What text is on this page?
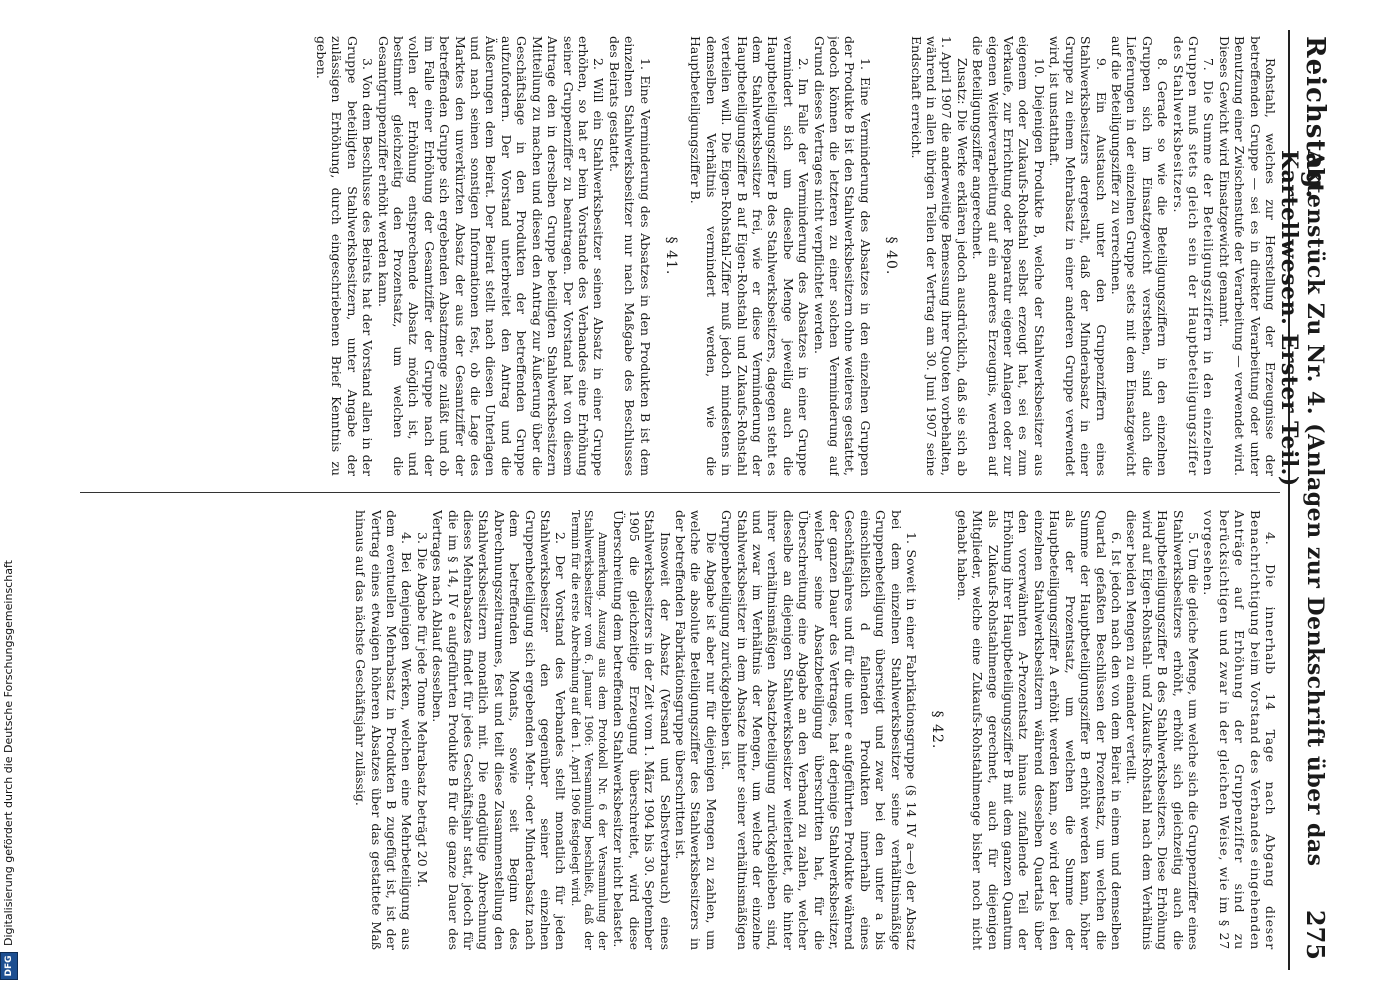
DFGDigitalisierung gefördert durch die Deutsche Forschungsgemeinschaft
Reichstag.
Aktenstück Zu Nr. 4. (Anlagen zur Denkschrift über das Kartellwesen. Erster Teil.)
275

Rohstahl, welches zur Herstellung der Erzeugnisse der betreffenden Gruppe — sei es in direkter Verarbeitung oder unter Benutzung einer Zwischenstufe der Verarbeitung — verwendet wird. Dieses Gewicht wird Einsatzgewicht genannt.

7. Die Summe der Beteiligungsziffern in den einzelnen Gruppen muß stets gleich sein der Hauptbeteiligungsziffer des Stahlwerksbesitzers.

8. Gerade so wie die Beteiligungsziffern in den einzelnen Gruppen sich im Einsatzgewicht verstehen, sind auch die Lieferungen in der einzelnen Gruppe stets mit dem Einsatzgewicht auf die Beteiligungsziffer zu verrechnen.

9. Ein Austausch unter den Gruppenziffern eines Stahlwerksbesitzers dergestalt, daß der Minderabsatz in einer Gruppe zu einem Mehrabsatz in einer anderen Gruppe verwendet wird, ist unstatthaft.

10. Diejenigen Produkte B, welche der Stahlwerksbesitzer aus eigenem oder Zukaufs-Rohstahl selbst erzeugt hat, sei es zum Verkaufe, zur Errichtung oder Reparatur eigener Anlagen oder zur eigenen Weiterverarbeitung auf ein anderes Erzeugnis, werden auf die Beteiligungsziffer angerechnet.

Zusatz: Die Werke erklären jedoch ausdrücklich, daß sie sich ab 1. April 1907 die anderweitige Bemessung ihrer Quoten vorbehalten, während in allen übrigen Teilen der Vertrag am 30. Juni 1907 seine Endschaft erreicht.

§ 40.

1. Eine Verminderung des Absatzes in den einzelnen Gruppen der Produkte B ist den Stahlwerksbesitzern ohne weiteres gestattet, jedoch können die letzteren zu einer solchen Verminderung auf Grund dieses Vertrages nicht verpflichtet werden.

2. Im Falle der Verminderung des Absatzes in einer Gruppe vermindert sich um dieselbe Menge jeweilig auch die Hauptbeteiligungsziffer B des Stahlwerksbesitzers, dagegen steht es dem Stahlwerksbesitzer frei, wie er diese Verminderung der Hauptbeteiligungsziffer B auf Eigen-Rohstahl und Zukaufs-Rohstahl verteilen will. Die Eigen-Rohstahl-Ziffer muß jedoch mindestens in demselben Verhältnis vermindert werden, wie die Hauptbeteiligungsziffer B.

§ 41.

1. Eine Verminderung des Absatzes in den Produkten B ist dem einzelnen Stahlwerksbesitzer nur nach Maßgabe des Beschlusses des Beirats gestattet.

2. Will ein Stahlwerksbesitzer seinen Absatz in einer Gruppe erhöhen, so hat er beim Vorstande des Verbandes eine Erhöhung seiner Gruppenziffer zu beantragen. Der Vorstand hat von diesem Antrage den in derselben Gruppe beteiligten Stahlwerksbesitzern Mitteilung zu machen und diesen den Antrag zur Äußerung über die Geschäftslage in den Produkten der betreffenden Gruppe aufzufordern. Der Vorstand unterbreitet den Antrag und die Äußerungen dem Beirat. Der Beirat stellt nach diesen Unterlagen und nach seinen sonstigen Informationen fest, ob die Lage des Marktes den unverkürzten Absatz der aus der Gesamtziffer der betreffenden Gruppe sich ergebenden Absatzmenge zuläßt und ob im Falle einer Erhöhung der Gesamtziffer der Gruppe nach der vollen der Erhöhung entsprechende Absatz möglich ist, und bestimmt gleichzeitig den Prozentsatz, um welchen die Gesamtgruppenziffer erhöht werden kann.

3. Von dem Beschlusse des Beirats hat der Vorstand allen in der Gruppe beteiligten Stahlwerksbesitzern, unter Angabe der zulässigen Erhöhung, durch eingeschriebenen Brief Kenntnis zu geben.

4. Die innerhalb 14 Tage nach Abgang dieser Benachrichtigung beim Vorstand des Verbandes eingehenden Anträge auf Erhöhung der Gruppenziffer sind zu berücksichtigen und zwar in der gleichen Weise, wie im § 27 vorgesehen.

5. Um die gleiche Menge, um welche sich die Gruppenziffer eines Stahlwerksbesitzers erhöht, erhöht sich gleichzeitig auch die Hauptbeteiligungsziffer B des Stahlwerksbesitzers. Diese Erhöhung wird auf Eigen-Rohstahl- und Zukaufs-Rohstahl nach dem Verhältnis dieser beiden Mengen zu einander verteilt.

6. Ist jedoch nach den von dem Beirat in einem und demselben Quartal gefaßten Beschlüssen der Prozentsatz, um welchen die Summe der Hauptbeteiligungsziffer B erhöht werden kann, höher als der Prozentsatz, um welchen die Summe der Hauptbeteiligungsziffer A erhöht werden kann, so wird der bei den einzelnen Stahlwerksbesitzern während desselben Quartals über den vorerwähnten A-Prozentsatz hinaus zufallende Teil der Erhöhung ihrer Hauptbeteiligungsziffer B mit dem ganzen Quantum als Zukaufs-Rohstahlmenge gerechnet, auch für diejenigen Mitglieder, welche eine Zukaufs-Rohstahlmenge bisher noch nicht gehabt haben.

§ 42.

1. Soweit in einer Fabrikationsgruppe (§ 14 IV a—e) der Absatz bei dem einzelnen Stahlwerksbesitzer seine verhältnismäßige Gruppenbeteiligung übersteigt und zwar bei den unter a bis einschließlich d fallenden Produkten innerhalb eines Geschäftsjahres und für die unter e aufgeführten Produkte während der ganzen Dauer des Vertrages, hat derjenige Stahlwerksbesitzer, welcher seine Absatzbeteiligung überschritten hat, für die Überschreitung eine Abgabe an den Verband zu zahlen, welcher dieselbe an diejenigen Stahlwerksbesitzer weiterleitet, die hinter ihrer verhältnismäßigen Absatzbeteiligung zurückgeblieben sind, und zwar im Verhältnis der Mengen, um welche der einzelne Stahlwerksbesitzer in dem Absatze hinter seiner verhältnismäßigen Gruppenbeteiligung zurückgeblieben ist.

Die Abgabe ist aber nur für diejenigen Mengen zu zahlen, um welche die absolute Beteiligungsziffer des Stahlwerksbesitzers in der betreffenden Fabrikationsgruppe überschritten ist.

Insoweit der Absatz (Versand und Selbstverbrauch) eines Stahlwerksbesitzers in der Zeit vom 1. März 1904 bis 30. September 1905 die gleichzeitige Erzeugung überschreitet, wird diese Überschreitung dem betreffenden Stahlwerksbesitzer nicht belastet.

Anmerkung. Auszug aus dem Protokoll Nr. 6 der Versammlung der Stahlwerksbesitzer vom 6. Januar 1906: Versammlung beschließt, daß der Termin für die erste Abrechnung auf den 1. April 1906 festgelegt wird.

2. Der Vorstand des Verbandes stellt monatlich für jeden Stahlwerksbesitzer den gegenüber seiner einzelnen Gruppenbeteiligung sich ergebenden Mehr- oder Minderabsatz nach dem betreffenden Monats, sowie seit Beginn des Abrechnungszeitraumes, fest und teilt diese Zusammenstellung den Stahlwerksbesitzern monatlich mit. Die endgültige Abrechnung dieses Mehrabsatzes findet für jedes Geschäftsjahr statt, jedoch für die im § 14, IV e aufgeführten Produkte B für die ganze Dauer des Vertrages nach Ablauf desselben.

3. Die Abgabe für jede Tonne Mehrabsatz beträgt 20 M.

4. Bei denjenigen Werken, welchen eine Mehrbeteiligung aus dem eventuellen Mehrabsatz in Produkten B zugefügt ist, ist der Vertrag eines etwaigen höheren Absatzes über das gestattete Maß hinaus auf das nächste Geschäftsjahr zulässig.
